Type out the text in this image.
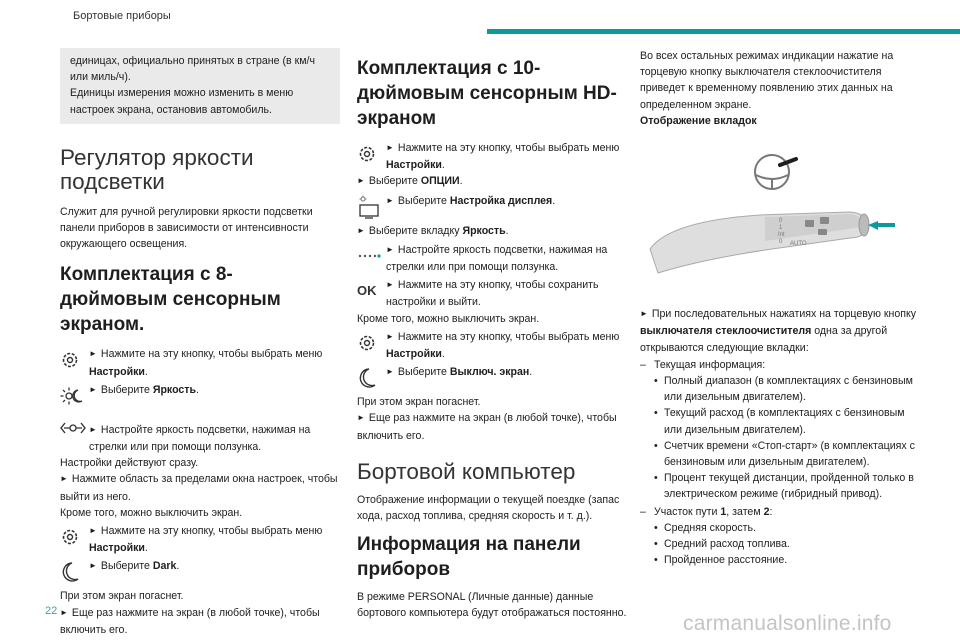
Бортовые приборы

единицах, официально принятых в стране (в км/ч или миль/ч).

Единицы измерения можно изменить в меню настроек экрана, остановив автомобиль.

Регулятор яркости подсветки

Служит для ручной регулировки яркости подсветки панели приборов в зависимости от интенсивности окружающего освещения.

Комплектация с 8-дюймовым сенсорным экраном.
► Нажмите на эту кнопку, чтобы выбрать меню Настройки.
► Выберите Яркость.
► Настройте яркость подсветки, нажимая на стрелки или при помощи ползунка.

Настройки действуют сразу.

► Нажмите область за пределами окна настроек, чтобы выйти из него.

Кроме того, можно выключить экран.

► Нажмите на эту кнопку, чтобы выбрать меню Настройки.
► Выберите Dark.

При этом экран погаснет.

► Еще раз нажмите на экран (в любой точке), чтобы включить его.

Комплектация с 10-дюймовым сенсорным HD-экраном
► Нажмите на эту кнопку, чтобы выбрать меню Настройки.

► Выберите ОПЦИИ.

► Выберите Настройка дисплея.

► Выберите вкладку Яркость.

► Настройте яркость подсветки, нажимая на стрелки или при помощи ползунка.
OK ► Нажмите на эту кнопку, чтобы сохранить настройки и выйти.

Кроме того, можно выключить экран.

► Нажмите на эту кнопку, чтобы выбрать меню Настройки.
► Выберите Выключ. экран.

При этом экран погаснет.

► Еще раз нажмите на экран (в любой точке), чтобы включить его.

Бортовой компьютер

Отображение информации о текущей поездке (запас хода, расход топлива, средняя скорость и т. д.).

Информация на панели приборов

В режиме PERSONAL (Личные данные) данные бортового компьютера будут отображаться постоянно.

Во всех остальных режимах индикации нажатие на торцевую кнопку выключателя стеклоочистителя приведет к временному появлению этих данных на определенном экране.

Отображение вкладок

0
1
Int
0 AUTO

► При последовательных нажатиях на торцевую кнопку выключателя стеклоочистителя одна за другой открываются следующие вкладки:

– Текущая информация:
• Полный диапазон (в комплектациях с бензиновым или дизельным двигателем).
• Текущий расход (в комплектациях с бензиновым или дизельным двигателем).
• Счетчик времени «Стоп-старт» (в комплектациях с бензиновым или дизельным двигателем).
• Процент текущей дистанции, пройденной только в электрическом режиме (гибридный привод).
– Участок пути 1, затем 2:
• Средняя скорость.
• Средний расход топлива.
• Пройденное расстояние.
22
carmanualsonline.info
